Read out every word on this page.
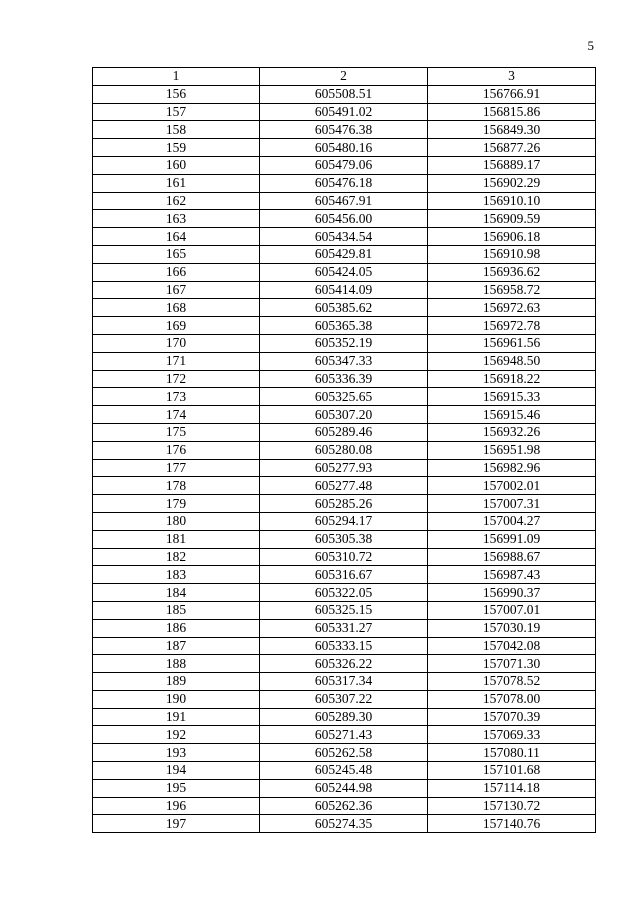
5
1	2	3
156	605508.51	156766.91
157	605491.02	156815.86
158	605476.38	156849.30
159	605480.16	156877.26
160	605479.06	156889.17
161	605476.18	156902.29
162	605467.91	156910.10
163	605456.00	156909.59
164	605434.54	156906.18
165	605429.81	156910.98
166	605424.05	156936.62
167	605414.09	156958.72
168	605385.62	156972.63
169	605365.38	156972.78
170	605352.19	156961.56
171	605347.33	156948.50
172	605336.39	156918.22
173	605325.65	156915.33
174	605307.20	156915.46
175	605289.46	156932.26
176	605280.08	156951.98
177	605277.93	156982.96
178	605277.48	157002.01
179	605285.26	157007.31
180	605294.17	157004.27
181	605305.38	156991.09
182	605310.72	156988.67
183	605316.67	156987.43
184	605322.05	156990.37
185	605325.15	157007.01
186	605331.27	157030.19
187	605333.15	157042.08
188	605326.22	157071.30
189	605317.34	157078.52
190	605307.22	157078.00
191	605289.30	157070.39
192	605271.43	157069.33
193	605262.58	157080.11
194	605245.48	157101.68
195	605244.98	157114.18
196	605262.36	157130.72
197	605274.35	157140.76
